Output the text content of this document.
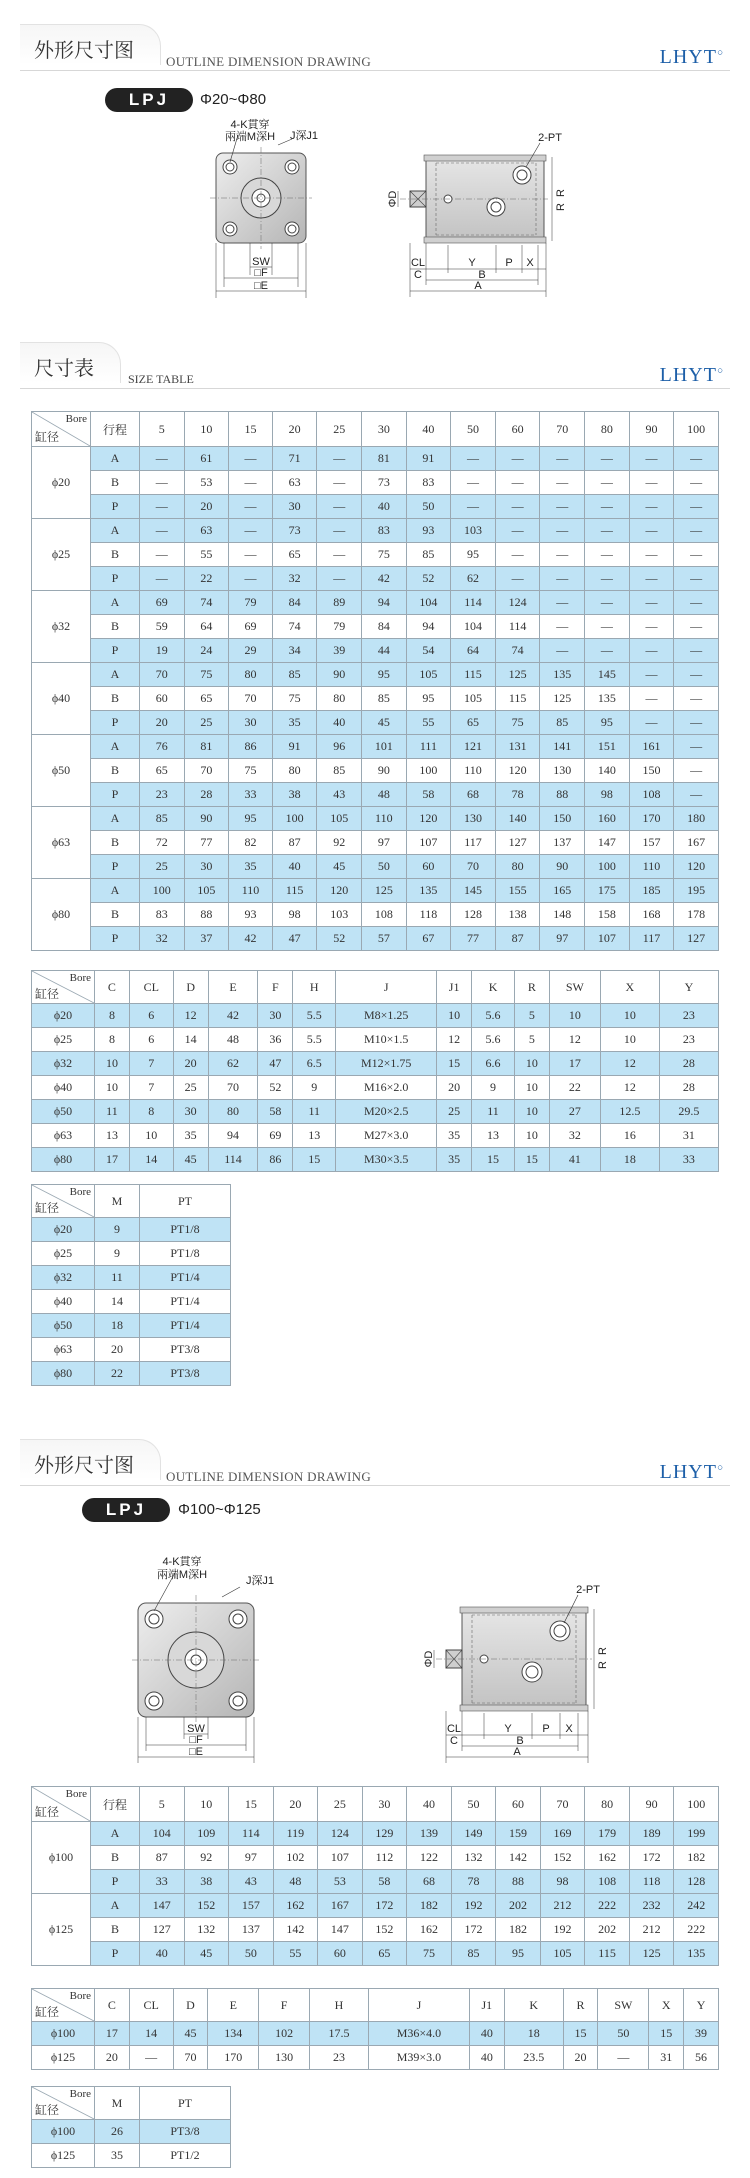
外形尺寸图 OUTLINE DIMENSION DRAWING	LHYT○
尺寸表	SIZE TABLE	LHYT○
外形尺寸图 OUTLINE DIMENSION DRAWING	LHYT○
LPJ	Φ20~Φ80
LPJ	Φ100~Φ125
4-K貫穿
兩端M深H J深J1
SW
□F
□E
2-PT
ΦD	R
R
CL	Y	P X
C	B
A
4-K貫穿
兩端M深H	J深J1
SW
□F
□E
2-PT
ΦD	R
R
CL	Y	P X
C	B
A
Bore
缸径	行程	5	10	15	20	25	30	40	50	60	70	80	90	100
ϕ20	A	—	61	—	71	—	81	91	—	—	—	—	—	—
	B	—	53	—	63	—	73	83	—	—	—	—	—	—
	P	—	20	—	30	—	40	50	—	—	—	—	—	—
ϕ25	A	—	63	—	73	—	83	93	103	—	—	—	—	—
	B	—	55	—	65	—	75	85	95	—	—	—	—	—
	P	—	22	—	32	—	42	52	62	—	—	—	—	—
ϕ32	A	69	74	79	84	89	94	104	114	124	—	—	—	—
	B	59	64	69	74	79	84	94	104	114	—	—	—	—
	P	19	24	29	34	39	44	54	64	74	—	—	—	—
ϕ40	A	70	75	80	85	90	95	105	115	125	135	145	—	—
	B	60	65	70	75	80	85	95	105	115	125	135	—	—
	P	20	25	30	35	40	45	55	65	75	85	95	—	—
ϕ50	A	76	81	86	91	96	101	111	121	131	141	151	161	—
	B	65	70	75	80	85	90	100	110	120	130	140	150	—
	P	23	28	33	38	43	48	58	68	78	88	98	108	—
ϕ63	A	85	90	95	100	105	110	120	130	140	150	160	170	180
	B	72	77	82	87	92	97	107	117	127	137	147	157	167
	P	25	30	35	40	45	50	60	70	80	90	100	110	120
ϕ80	A	100	105	110	115	120	125	135	145	155	165	175	185	195
	B	83	88	93	98	103	108	118	128	138	148	158	168	178
	P	32	37	42	47	52	57	67	77	87	97	107	117	127
Bore
缸径	C	CL	D	E	F	H	J	J1	K	R	SW	X	Y
ϕ20	8	6	12	42	30	5.5	M8×1.25	10	5.6	5	10	10	23
ϕ25	8	6	14	48	36	5.5	M10×1.5	12	5.6	5	12	10	23
ϕ32	10	7	20	62	47	6.5	M12×1.75	15	6.6	10	17	12	28
ϕ40	10	7	25	70	52	9	M16×2.0	20	9	10	22	12	28
ϕ50	11	8	30	80	58	11	M20×2.5	25	11	10	27	12.5	29.5
ϕ63	13	10	35	94	69	13	M27×3.0	35	13	10	32	16	31
ϕ80	17	14	45	114	86	15	M30×3.5	35	15	15	41	18	33
Bore
缸径	M	PT
ϕ20	9	PT1/8
ϕ25	9	PT1/8
ϕ32	11	PT1/4
ϕ40	14	PT1/4
ϕ50	18	PT1/4
ϕ63	20	PT3/8
ϕ80	22	PT3/8
Bore
缸径	行程	5	10	15	20	25	30	40	50	60	70	80	90	100
ϕ100	A	104	109	114	119	124	129	139	149	159	169	179	189	199
	B	87	92	97	102	107	112	122	132	142	152	162	172	182
	P	33	38	43	48	53	58	68	78	88	98	108	118	128
ϕ125	A	147	152	157	162	167	172	182	192	202	212	222	232	242
	B	127	132	137	142	147	152	162	172	182	192	202	212	222
	P	40	45	50	55	60	65	75	85	95	105	115	125	135
Bore
缸径	C	CL	D	E	F	H	J	J1	K	R	SW	X	Y
ϕ100	17	14	45	134	102	17.5	M36×4.0	40	18	15	50	15	39
ϕ125	20	—	70	170	130	23	M39×3.0	40	23.5	20	—	31	56
Bore
缸径	M	PT
ϕ100	26	PT3/8
ϕ125	35	PT1/2
